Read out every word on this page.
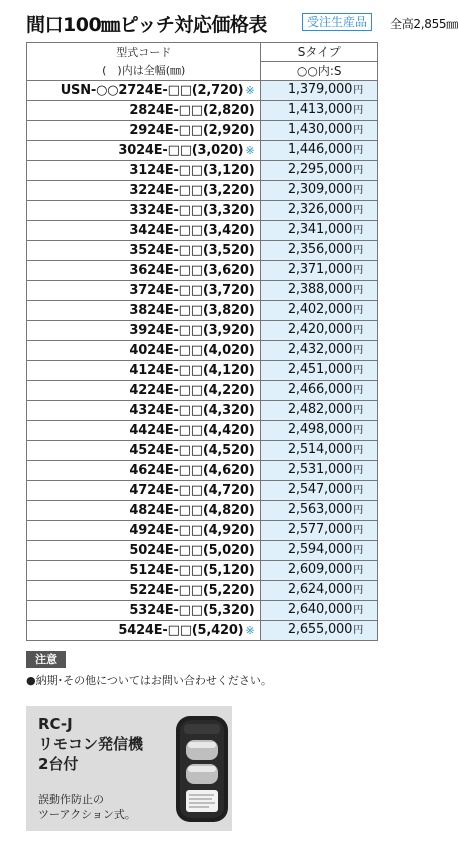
間口100㎜ピッチ対応価格表	受注生産品	全高2,855㎜
型式コード
(　)内は全幅(㎜)	Sタイプ
	○○内:S
USN-○○2724E-□□(2,720) ※	1,379,000円
2824E-□□(2,820)	1,413,000円
2924E-□□(2,920)	1,430,000円
3024E-□□(3,020) ※	1,446,000円
3124E-□□(3,120)	2,295,000円
3224E-□□(3,220)	2,309,000円
3324E-□□(3,320)	2,326,000円
3424E-□□(3,420)	2,341,000円
3524E-□□(3,520)	2,356,000円
3624E-□□(3,620)	2,371,000円
3724E-□□(3,720)	2,388,000円
3824E-□□(3,820)	2,402,000円
3924E-□□(3,920)	2,420,000円
4024E-□□(4,020)	2,432,000円
4124E-□□(4,120)	2,451,000円
4224E-□□(4,220)	2,466,000円
4324E-□□(4,320)	2,482,000円
4424E-□□(4,420)	2,498,000円
4524E-□□(4,520)	2,514,000円
4624E-□□(4,620)	2,531,000円
4724E-□□(4,720)	2,547,000円
4824E-□□(4,820)	2,563,000円
4924E-□□(4,920)	2,577,000円
5024E-□□(5,020)	2,594,000円
5124E-□□(5,120)	2,609,000円
5224E-□□(5,220)	2,624,000円
5324E-□□(5,320)	2,640,000円
5424E-□□(5,420) ※	2,655,000円
注意
●納期･その他についてはお問い合わせください。
RC-J
リモコン発信機
2台付
誤動作防止の
ツーアクション式。
